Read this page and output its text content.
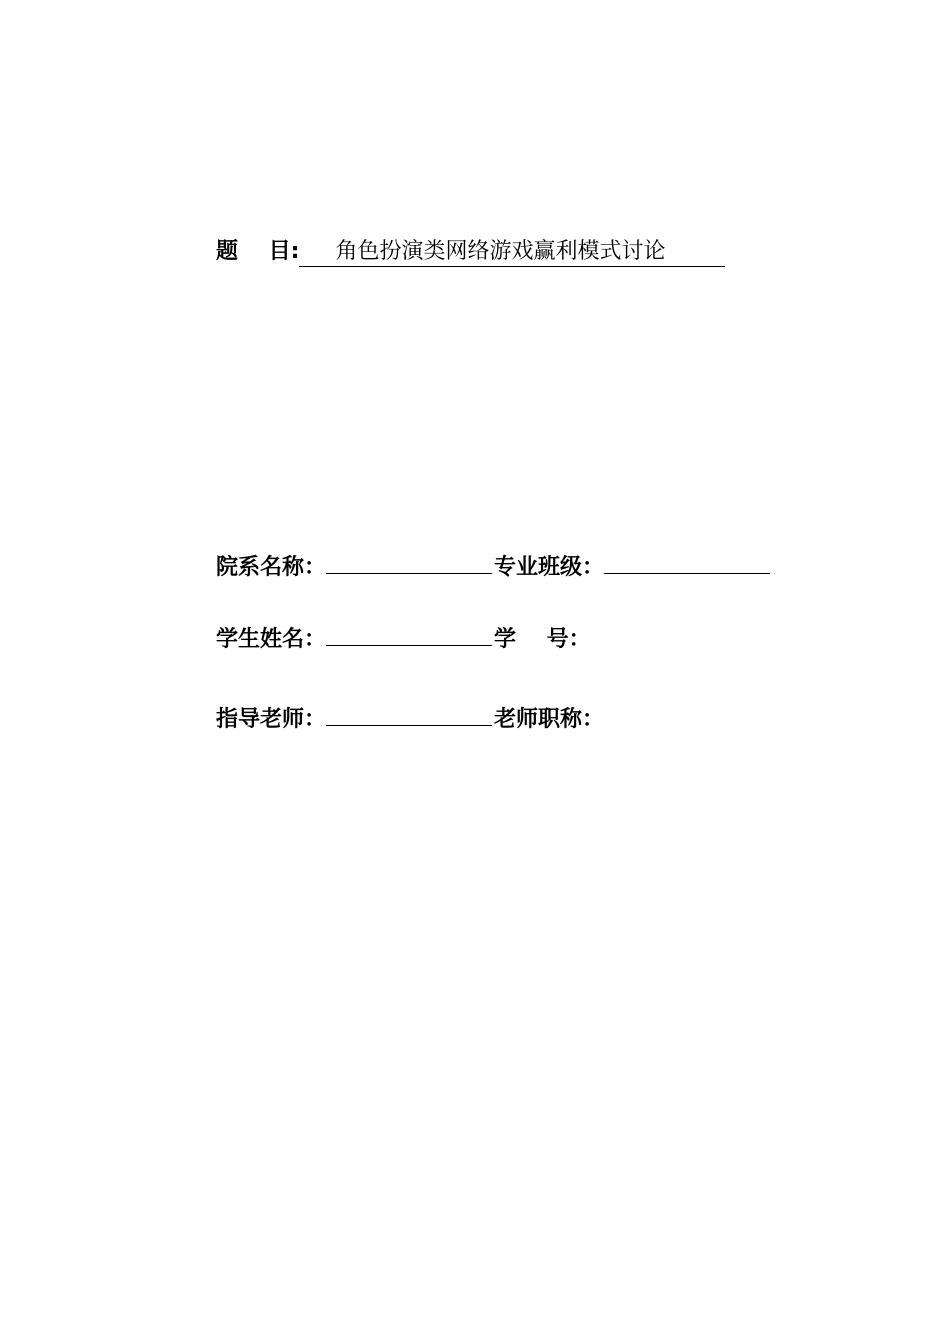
题    目:	角色扮演类网络游戏赢利模式讨论
院系名称：	专业班级：
学生姓名：	学    号：
指导老师：	老师职称：
